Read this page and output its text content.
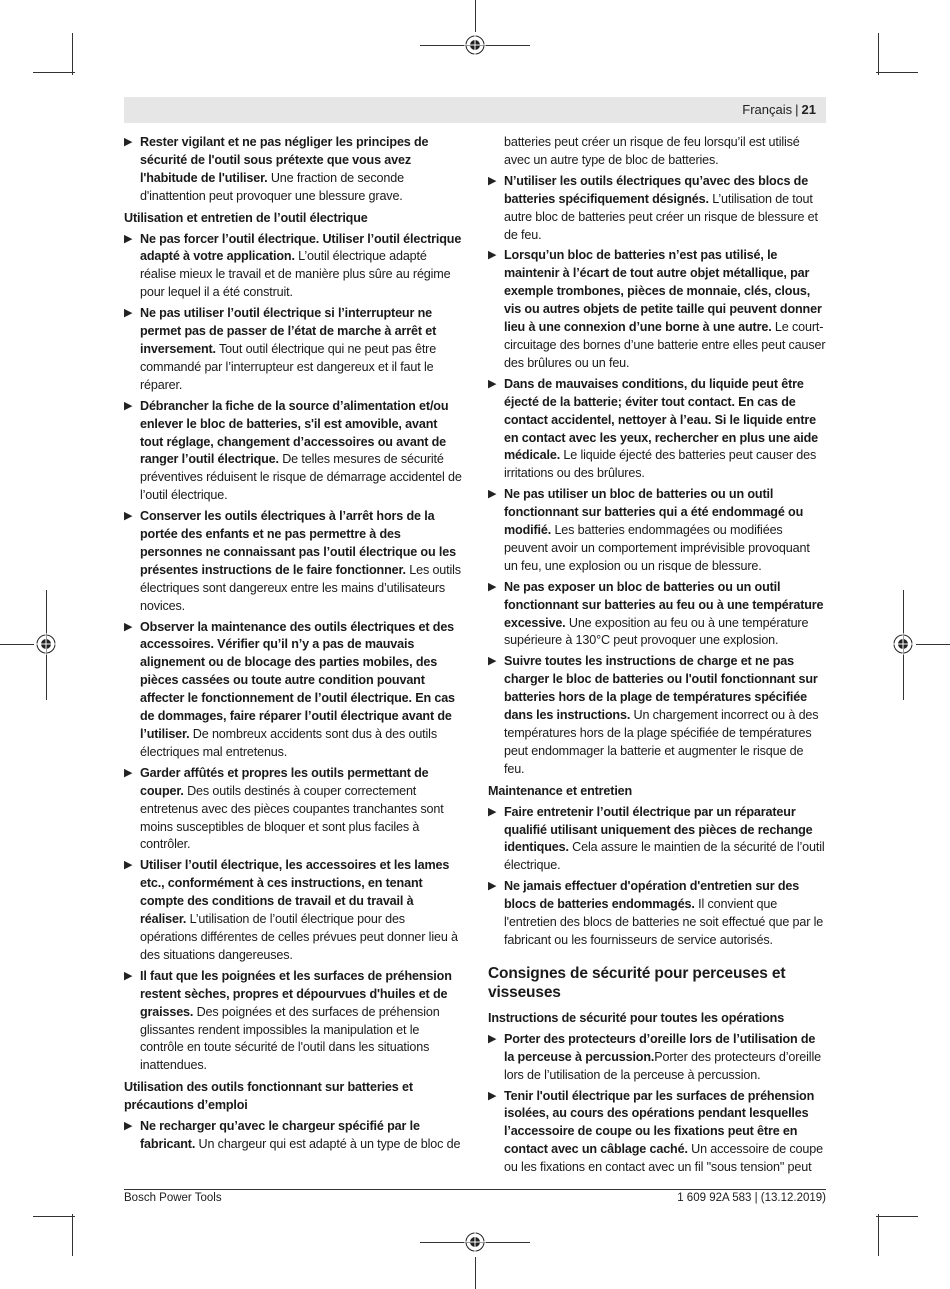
Français | 21
▶ Rester vigilant et ne pas négliger les principes de sécurité de l'outil sous prétexte que vous avez l'habitude de l'utiliser. Une fraction de seconde d'inattention peut provoquer une blessure grave.
Utilisation et entretien de l’outil électrique
▶ Ne pas forcer l’outil électrique. Utiliser l’outil électrique adapté à votre application. L’outil électrique adapté réalise mieux le travail et de manière plus sûre au régime pour lequel il a été construit.
▶ Ne pas utiliser l’outil électrique si l’interrupteur ne permet pas de passer de l’état de marche à arrêt et inversement. Tout outil électrique qui ne peut pas être commandé par l’interrupteur est dangereux et il faut le réparer.
▶ Débrancher la fiche de la source d’alimentation et/ou enlever le bloc de batteries, s'il est amovible, avant tout réglage, changement d’accessoires ou avant de ranger l’outil électrique. De telles mesures de sécurité préventives réduisent le risque de démarrage accidentel de l’outil électrique.
▶ Conserver les outils électriques à l’arrêt hors de la portée des enfants et ne pas permettre à des personnes ne connaissant pas l’outil électrique ou les présentes instructions de le faire fonctionner. Les outils électriques sont dangereux entre les mains d’utilisateurs novices.
▶ Observer la maintenance des outils électriques et des accessoires. Vérifier qu’il n’y a pas de mauvais alignement ou de blocage des parties mobiles, des pièces cassées ou toute autre condition pouvant affecter le fonctionnement de l’outil électrique. En cas de dommages, faire réparer l’outil électrique avant de l’utiliser. De nombreux accidents sont dus à des outils électriques mal entretenus.
▶ Garder affûtés et propres les outils permettant de couper. Des outils destinés à couper correctement entretenus avec des pièces coupantes tranchantes sont moins susceptibles de bloquer et sont plus faciles à contrôler.
▶ Utiliser l’outil électrique, les accessoires et les lames etc., conformément à ces instructions, en tenant compte des conditions de travail et du travail à réaliser. L’utilisation de l’outil électrique pour des opérations différentes de celles prévues peut donner lieu à des situations dangereuses.
▶ Il faut que les poignées et les surfaces de préhension restent sèches, propres et dépourvues d'huiles et de graisses. Des poignées et des surfaces de préhension glissantes rendent impossibles la manipulation et le contrôle en toute sécurité de l'outil dans les situations inattendues.
Utilisation des outils fonctionnant sur batteries et précautions d’emploi
▶ Ne recharger qu’avec le chargeur spécifié par le fabricant. Un chargeur qui est adapté à un type de bloc de
batteries peut créer un risque de feu lorsqu’il est utilisé avec un autre type de bloc de batteries.
▶ N’utiliser les outils électriques qu’avec des blocs de batteries spécifiquement désignés. L’utilisation de tout autre bloc de batteries peut créer un risque de blessure et de feu.
▶ Lorsqu’un bloc de batteries n’est pas utilisé, le maintenir à l’écart de tout autre objet métallique, par exemple trombones, pièces de monnaie, clés, clous, vis ou autres objets de petite taille qui peuvent donner lieu à une connexion d’une borne à une autre. Le court-circuitage des bornes d’une batterie entre elles peut causer des brûlures ou un feu.
▶ Dans de mauvaises conditions, du liquide peut être éjecté de la batterie; éviter tout contact. En cas de contact accidentel, nettoyer à l’eau. Si le liquide entre en contact avec les yeux, rechercher en plus une aide médicale. Le liquide éjecté des batteries peut causer des irritations ou des brûlures.
▶ Ne pas utiliser un bloc de batteries ou un outil fonctionnant sur batteries qui a été endommagé ou modifié. Les batteries endommagées ou modifiées peuvent avoir un comportement imprévisible provoquant un feu, une explosion ou un risque de blessure.
▶ Ne pas exposer un bloc de batteries ou un outil fonctionnant sur batteries au feu ou à une température excessive. Une exposition au feu ou à une température supérieure à 130°C peut provoquer une explosion.
▶ Suivre toutes les instructions de charge et ne pas charger le bloc de batteries ou l'outil fonctionnant sur batteries hors de la plage de températures spécifiée dans les instructions. Un chargement incorrect ou à des températures hors de la plage spécifiée de températures peut endommager la batterie et augmenter le risque de feu.
Maintenance et entretien
▶ Faire entretenir l’outil électrique par un réparateur qualifié utilisant uniquement des pièces de rechange identiques. Cela assure le maintien de la sécurité de l’outil électrique.
▶ Ne jamais effectuer d'opération d'entretien sur des blocs de batteries endommagés. Il convient que l'entretien des blocs de batteries ne soit effectué que par le fabricant ou les fournisseurs de service autorisés.
Consignes de sécurité pour perceuses et visseuses
Instructions de sécurité pour toutes les opérations
▶ Porter des protecteurs d’oreille lors de l’utilisation de la perceuse à percussion.Porter des protecteurs d’oreille lors de l’utilisation de la perceuse à percussion.
▶ Tenir l'outil électrique par les surfaces de préhension isolées, au cours des opérations pendant lesquelles l’accessoire de coupe ou les fixations peut être en contact avec un câblage caché. Un accessoire de coupe ou les fixations en contact avec un fil "sous tension" peut
Bosch Power Tools	1 609 92A 583 | (13.12.2019)
